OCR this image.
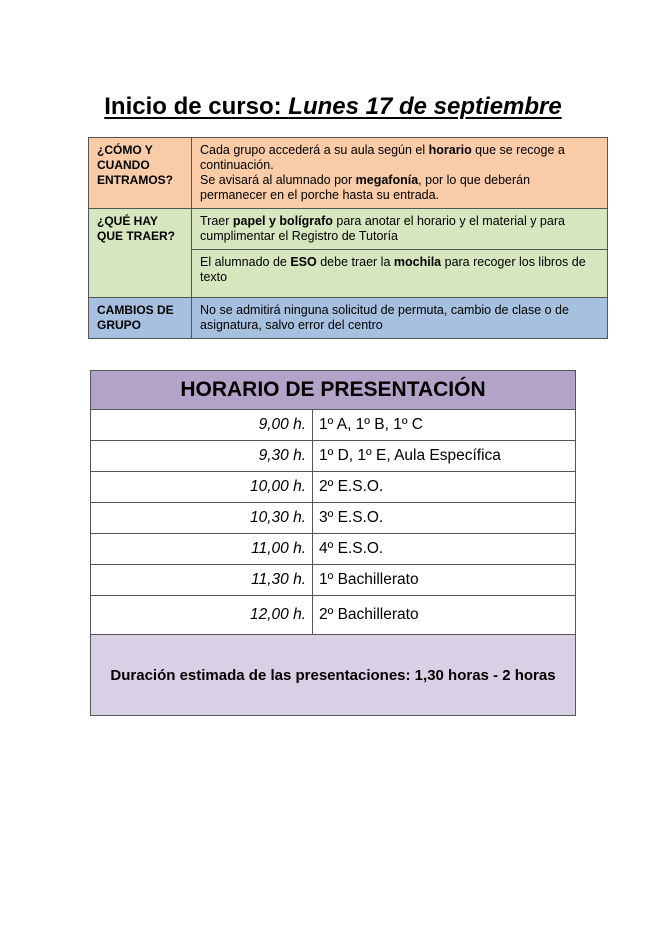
Inicio de curso: Lunes 17 de septiembre
¿CÓMO Y CUANDO ENTRAMOS?	Cada grupo accederá a su aula según el horario que se recoge a continuación.
Se avisará al alumnado por megafonía, por lo que deberán permanecer en el porche hasta su entrada.
¿QUÉ HAY QUE TRAER?	Traer papel y bolígrafo para anotar el horario y el material y para cumplimentar el Registro de Tutoría
	El alumnado de ESO debe traer la mochila para recoger los libros de texto
CAMBIOS DE GRUPO	No se admitirá ninguna solicitud de permuta, cambio de clase o de asignatura, salvo error del centro
HORARIO DE PRESENTACIÓN	
9,00 h.	1º A, 1º B, 1º C
9,30 h.	1º D, 1º E, Aula Específica
10,00 h.	2º E.S.O.
10,30 h.	3º E.S.O.
11,00 h.	4º E.S.O.
11,30 h.	1º Bachillerato
12,00 h.	2º Bachillerato
Duración estimada de las presentaciones: 1,30 horas - 2 horas	
